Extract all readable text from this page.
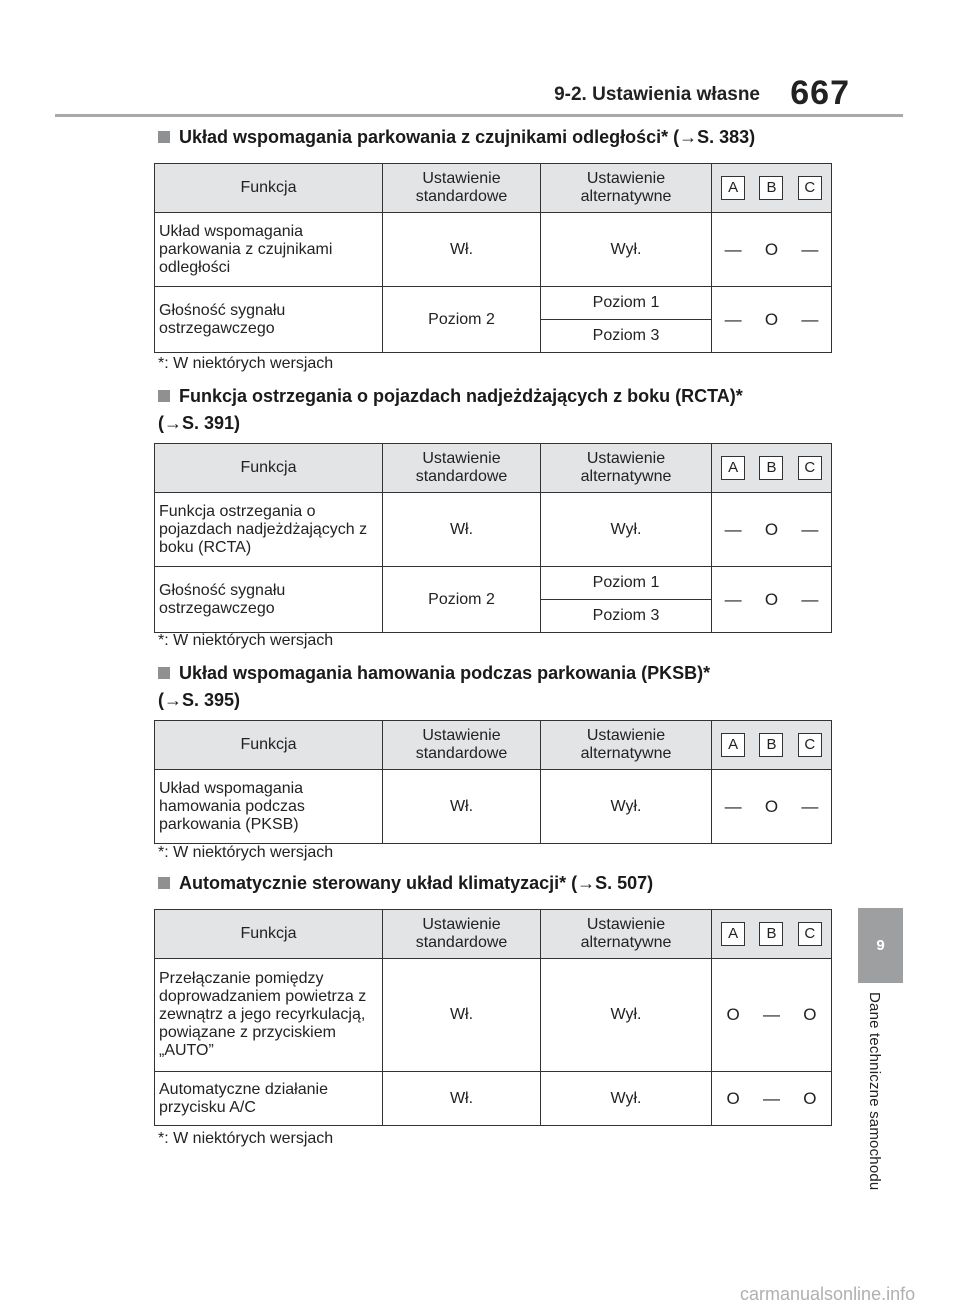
9-2. Ustawienia własne 667
9
Dane techniczne samochodu
Układ wspomagania parkowania z czujnikami odległości* (→S. 383)
Funkcja	Ustawienie standardowe	Ustawienie alternatywne	A B C

Układ wspomagania parkowania z czujnikami odległości	Wł.	Wył.	— O —

Głośność sygnału ostrzegawczego	Poziom 2	Poziom 1	— O —

		Poziom 3	
*: W niektórych wersjach
Funkcja ostrzegania o pojazdach nadjeżdżających z boku (RCTA)*
(→S. 391)
Funkcja	Ustawienie standardowe	Ustawienie alternatywne	A B C

Funkcja ostrzegania o pojazdach nadjeżdżających z boku (RCTA)	Wł.	Wył.	— O —

Głośność sygnału ostrzegawczego	Poziom 2	Poziom 1	— O —

		Poziom 3	
*: W niektórych wersjach
Układ wspomagania hamowania podczas parkowania (PKSB)*
(→S. 395)
Funkcja	Ustawienie standardowe	Ustawienie alternatywne	A B C

Układ wspomagania hamowania podczas parkowania (PKSB)	Wł.	Wył.	— O —
*: W niektórych wersjach
Automatycznie sterowany układ klimatyzacji* (→S. 507)
Funkcja	Ustawienie standardowe	Ustawienie alternatywne	A B C

Przełączanie pomiędzy doprowadzaniem powietrza z zewnątrz a jego recyrkulacją, powiązane z przyciskiem „AUTO”	Wł.	Wył.	O — O

Automatyczne działanie przycisku A/C	Wł.	Wył.	O — O
*: W niektórych wersjach
carmanualsonline.info
